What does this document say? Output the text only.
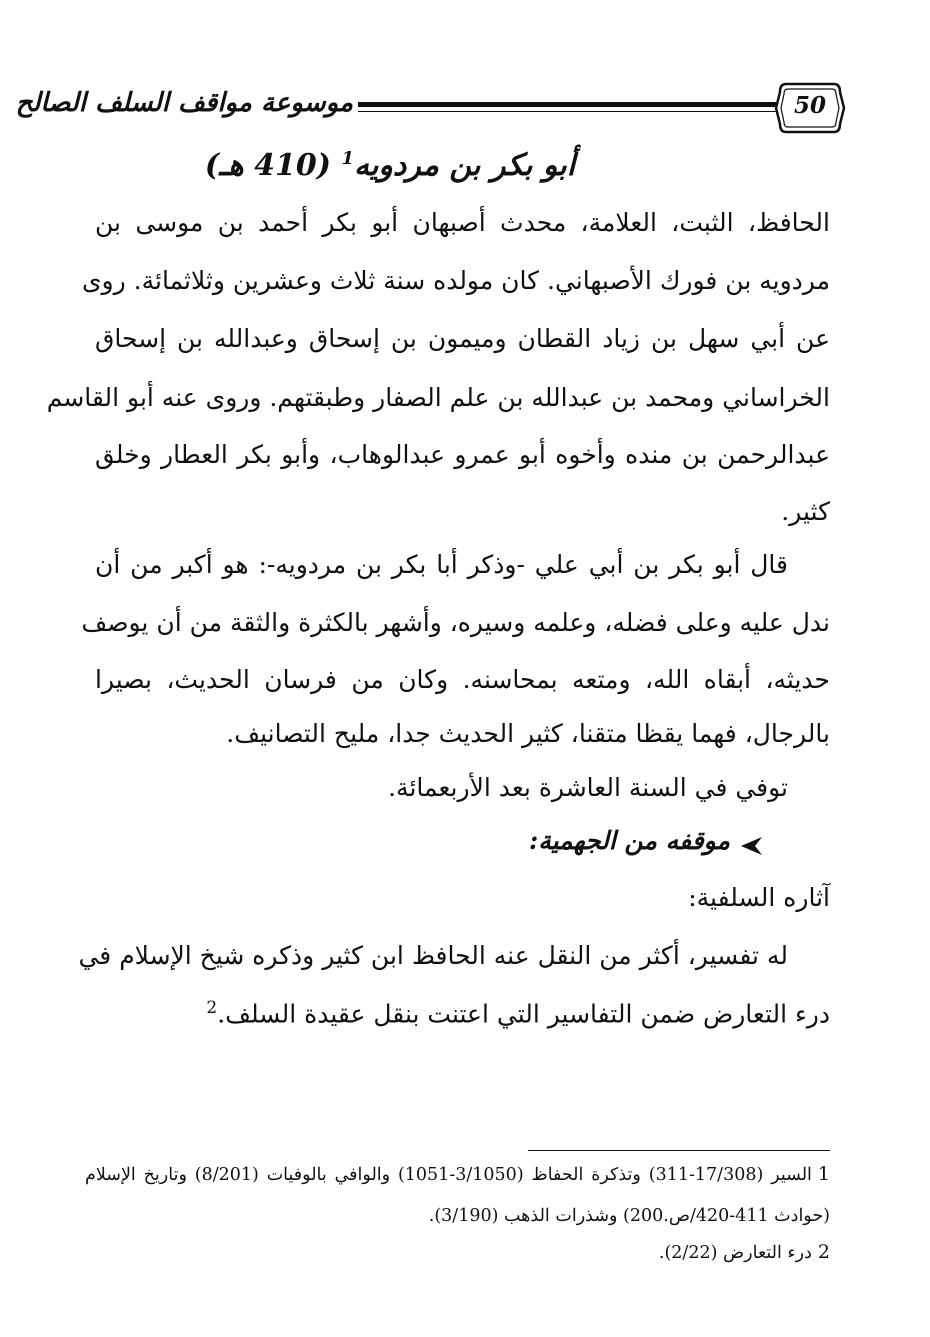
موسوعة مواقف السلف الصالح	50
أبو بكر بن مردويه$^1$ (410 هـ)
الحافظ، الثبت، العلامة، محدث أصبهان أبو بكر أحمد بن موسى بن
مردويه بن فورك الأصبهاني. كان مولده سنة ثلاث وعشرين وثلاثمائة. روى
عن أبي سهل بن زياد القطان وميمون بن إسحاق وعبدالله بن إسحاق
الخراساني ومحمد بن عبدالله بن علم الصفار وطبقتهم. وروى عنه أبو القاسم
عبدالرحمن بن منده وأخوه أبو عمرو عبدالوهاب، وأبو بكر العطار وخلق
كثير.
قال أبو بكر بن أبي علي -وذكر أبا بكر بن مردويه-: هو أكبر من أن
ندل عليه وعلى فضله، وعلمه وسيره، وأشهر بالكثرة والثقة من أن يوصف
حديثه، أبقاه الله، ومتعه بمحاسنه. وكان من فرسان الحديث، بصيرا
بالرجال، فهما يقظا متقنا، كثير الحديث جدا، مليح التصانيف.
توفي في السنة العاشرة بعد الأربعمائة.
موقفه من الجهمية:
آثاره السلفية:
له تفسير، أكثر من النقل عنه الحافظ ابن كثير وذكره شيخ الإسلام في
درء التعارض ضمن التفاسير التي اعتنت بنقل عقيدة السلف.$^2$
1السير (17/308-311) وتذكرة الحفاظ (3/1050-1051) والوافي بالوفيات (8/201) وتاريخ الإسلام
(حوادث 411-420/ص.200) وشذرات الذهب (3/190).
2درء التعارض (2/22).
